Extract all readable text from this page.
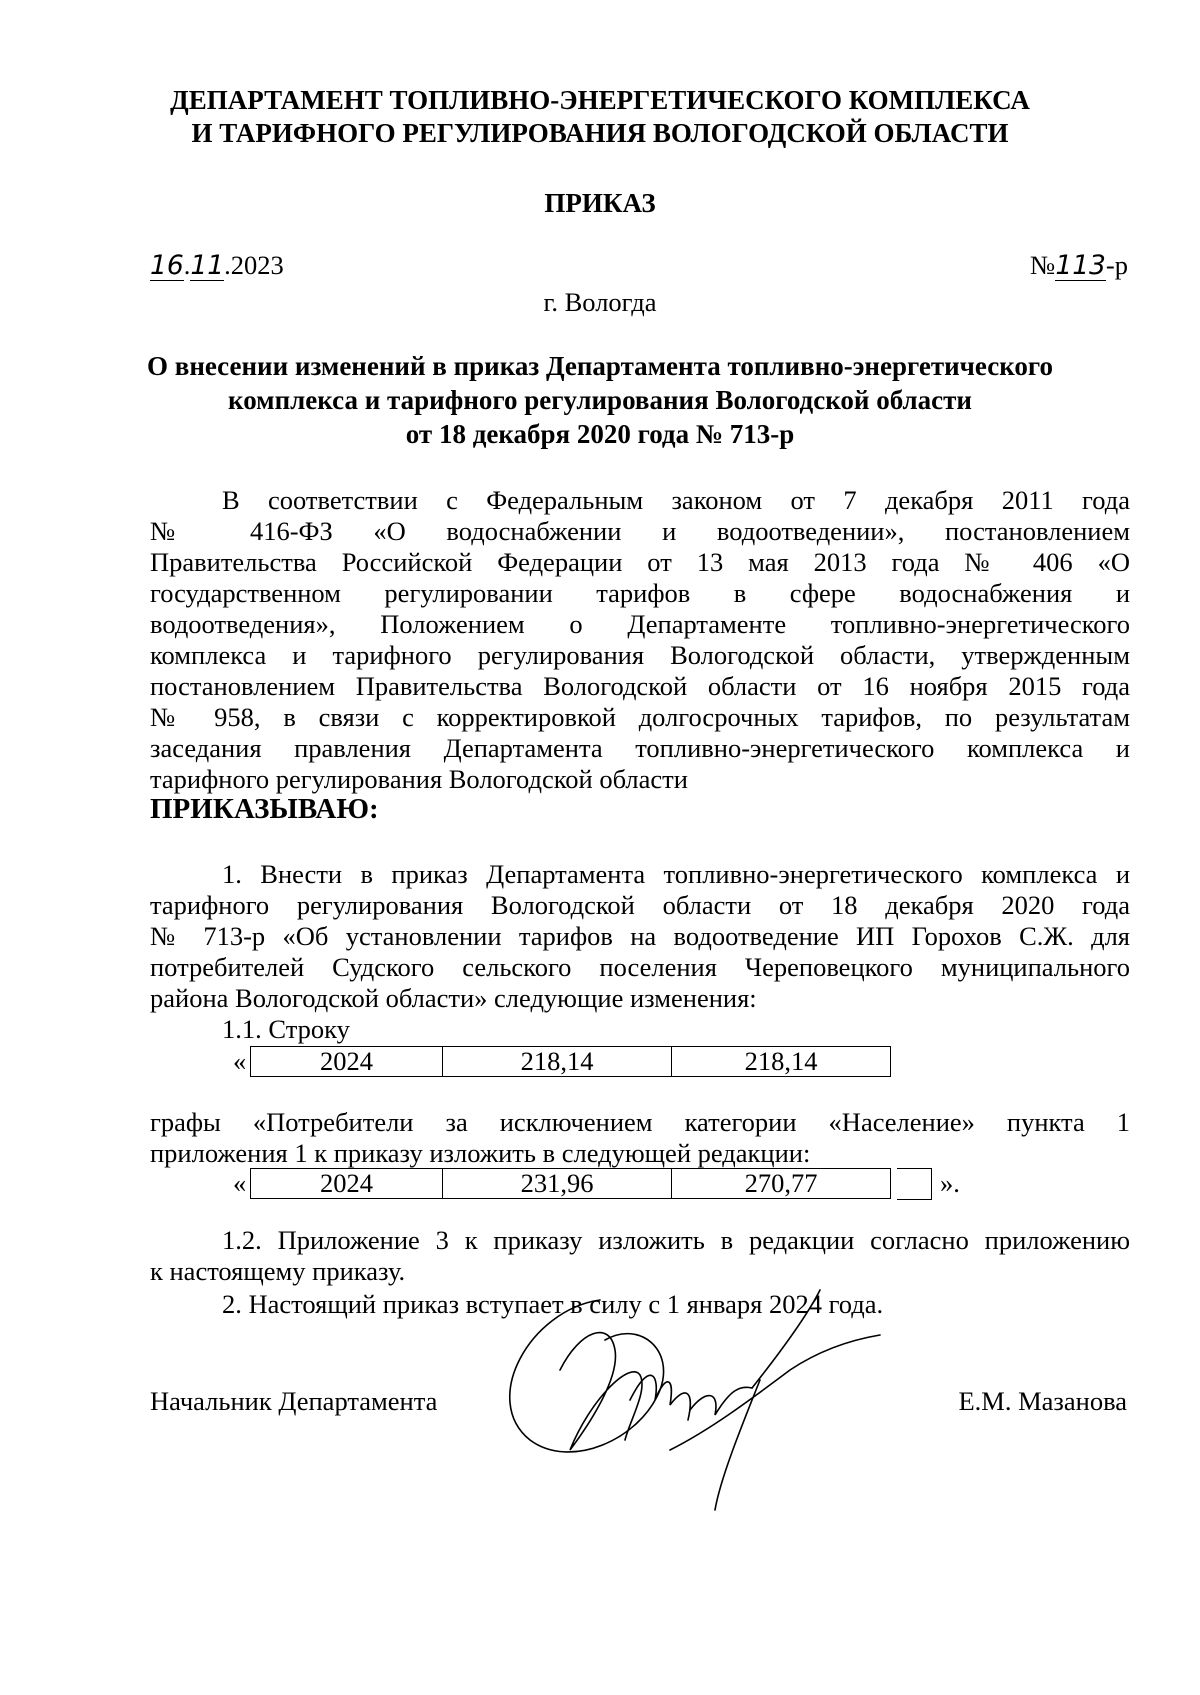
ДЕПАРТАМЕНТ ТОПЛИВНО-ЭНЕРГЕТИЧЕСКОГО КОМПЛЕКСА
И ТАРИФНОГО РЕГУЛИРОВАНИЯ ВОЛОГОДСКОЙ ОБЛАСТИ
ПРИКАЗ
16.11.2023	№113-р
г. Вологда
О внесении изменений в приказ Департамента топливно-энергетического
комплекса и тарифного регулирования Вологодской области
от 18 декабря 2020 года № 713-р
В соответствии с Федеральным законом от 7 декабря 2011 года
№ 416-ФЗ «О водоснабжении и водоотведении», постановлением
Правительства Российской Федерации от 13 мая 2013 года № 406 «О
государственном регулировании тарифов в сфере водоснабжения и
водоотведения», Положением о Департаменте топливно-энергетического
комплекса и тарифного регулирования Вологодской области, утвержденным
постановлением Правительства Вологодской области от 16 ноября 2015 года
№ 958, в связи с корректировкой долгосрочных тарифов, по результатам
заседания правления Департамента топливно-энергетического комплекса и
тарифного регулирования Вологодской области
ПРИКАЗЫВАЮ:
1. Внести в приказ Департамента топливно-энергетического комплекса и
тарифного регулирования Вологодской области от 18 декабря 2020 года
№ 713-р «Об установлении тарифов на водоотведение ИП Горохов С.Ж. для
потребителей Судского сельского поселения Череповецкого муниципального
района Вологодской области» следующие изменения:
1.1. Строку
«	2024	218,14	218,14
графы «Потребители за исключением категории «Население» пункта 1
приложения 1 к приказу изложить в следующей редакции:
«	2024	231,96	270,77	».
1.2. Приложение 3 к приказу изложить в редакции согласно приложению
к настоящему приказу.
2. Настоящий приказ вступает в силу с 1 января 2024 года.
Начальник Департамента	Е.М. Мазанова
